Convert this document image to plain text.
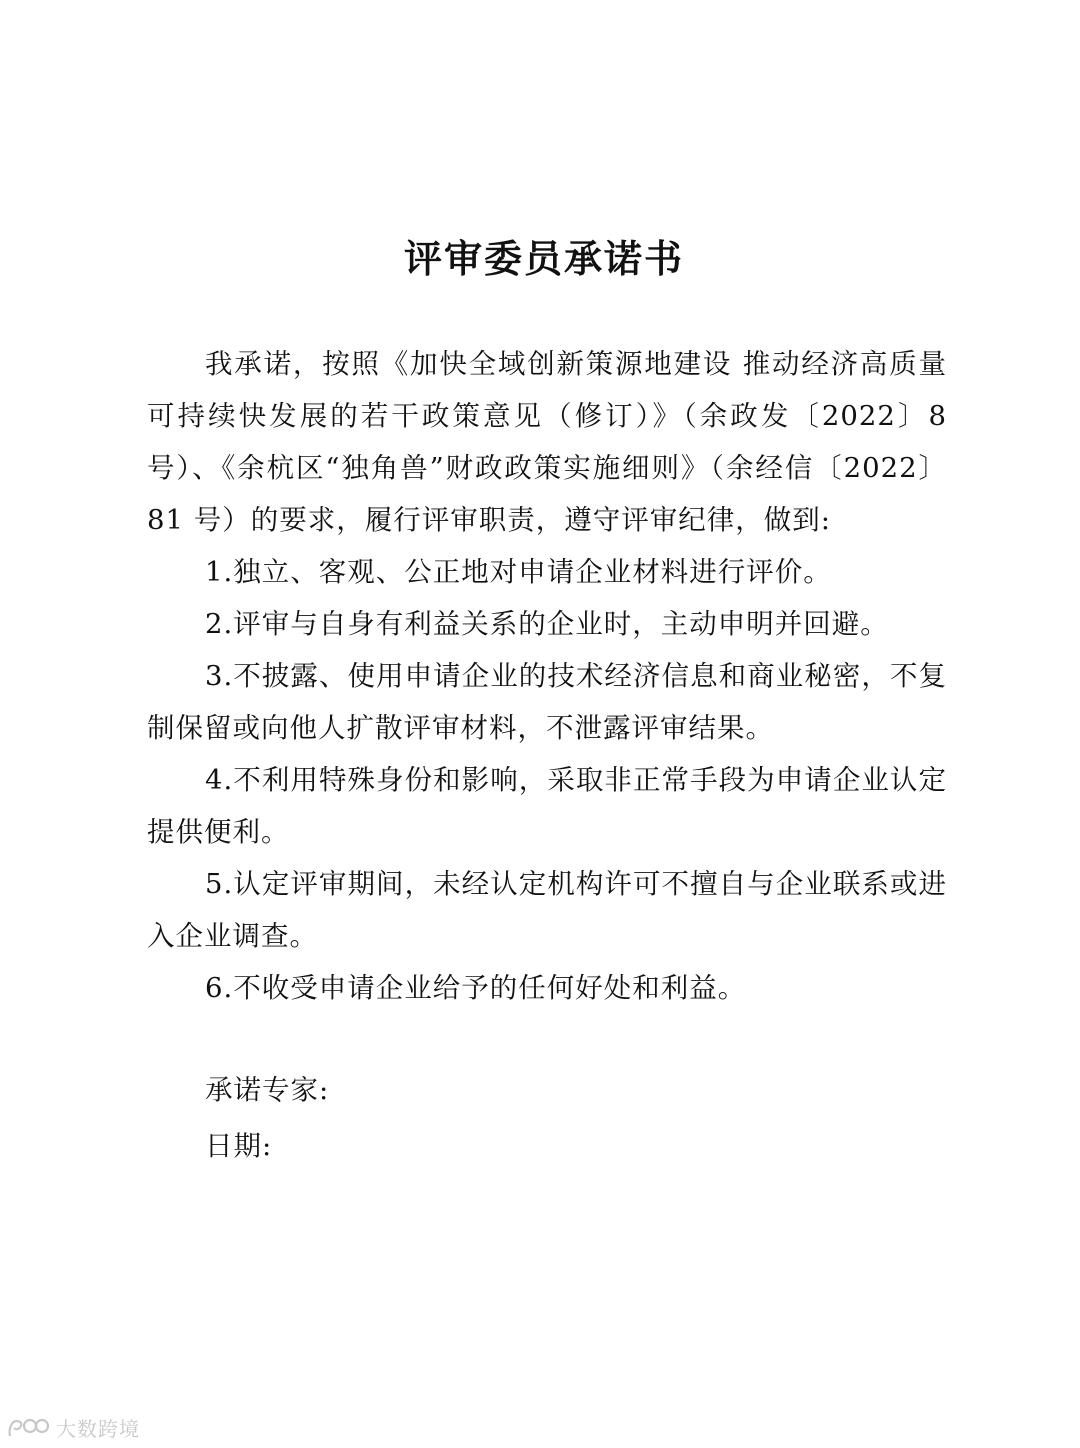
评审委员承诺书

我承诺，按照《加快全域创新策源地建设 推动经济高质量可持续快发展的若干政策意见（修订）》（余政发〔2022〕8 号）、《余杭区“独角兽”财政政策实施细则》（余经信〔2022〕81 号）的要求，履行评审职责，遵守评审纪律，做到:

1.独立、客观、公正地对申请企业材料进行评价。

2.评审与自身有利益关系的企业时，主动申明并回避。

3.不披露、使用申请企业的技术经济信息和商业秘密，不复制保留或向他人扩散评审材料，不泄露评审结果。

4.不利用特殊身份和影响，采取非正常手段为申请企业认定提供便利。

5.认定评审期间，未经认定机构许可不擅自与企业联系或进入企业调查。

6.不收受申请企业给予的任何好处和利益。

承诺专家:
日期:
大数跨境
